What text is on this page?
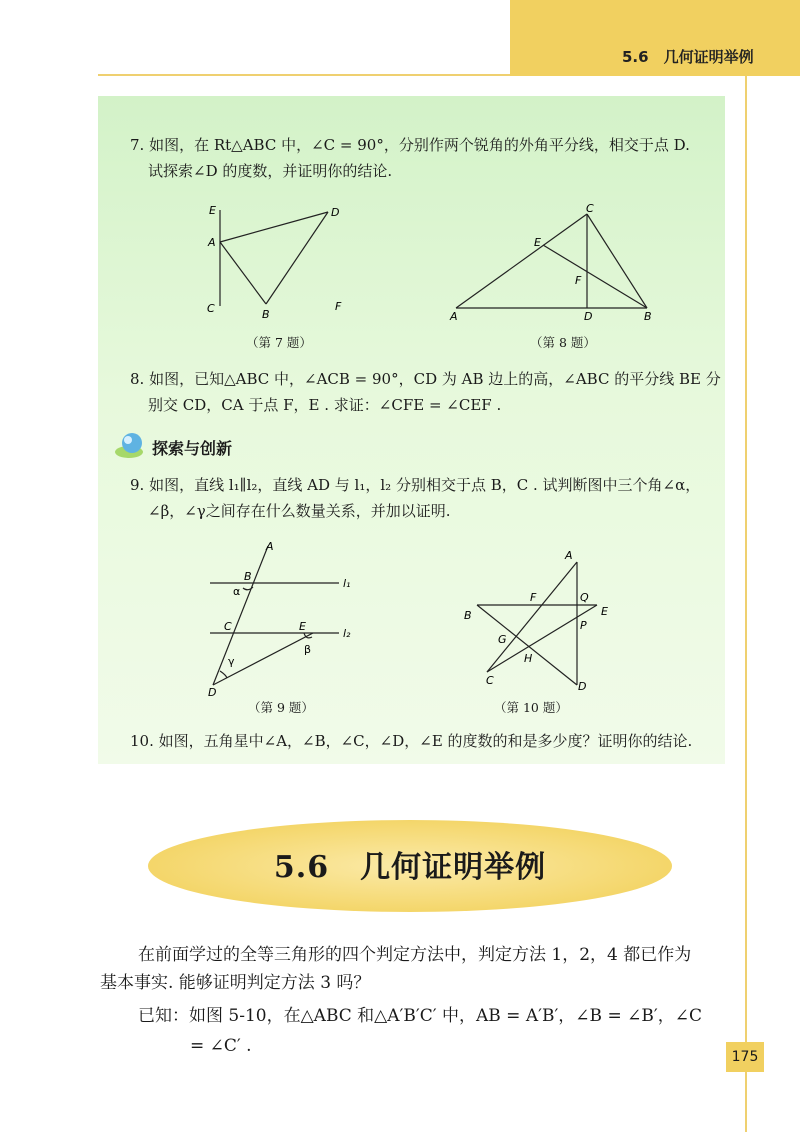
5.6　几何证明举例
7. 如图，在 Rt△ABC 中，∠C = 90°，分别作两个锐角的外角平分线，相交于点 D.
试探索∠D 的度数，并证明你的结论.
E	D
A
C	B
F
（第 7 题）
C
E
F
A	D	B
（第 8 题）
8. 如图，已知△ABC 中，∠ACB = 90°，CD 为 AB 边上的高，∠ABC 的平分线 BE 分
别交 CD，CA 于点 F，E . 求证：∠CFE = ∠CEF .
探索与创新
9. 如图，直线 l₁∥l₂，直线 AD 与 l₁，l₂ 分别相交于点 B，C . 试判断图中三个角∠α，
∠β，∠γ之间存在什么数量关系，并加以证明.
A
B
α
l₁
C	E
l₂
β
γ
D
（第 9 题）
A
F	Q
B	E
P
G
H
C	D
（第 10 题）
10. 如图，五角星中∠A，∠B，∠C，∠D，∠E 的度数的和是多少度？证明你的结论.
5.6　几何证明举例
在前面学过的全等三角形的四个判定方法中，判定方法 1，2，4 都已作为
基本事实. 能够证明判定方法 3 吗？
已知：如图 5-10，在△ABC 和△A′B′C′ 中，AB = A′B′，∠B = ∠B′，∠C
= ∠C′ .
175
